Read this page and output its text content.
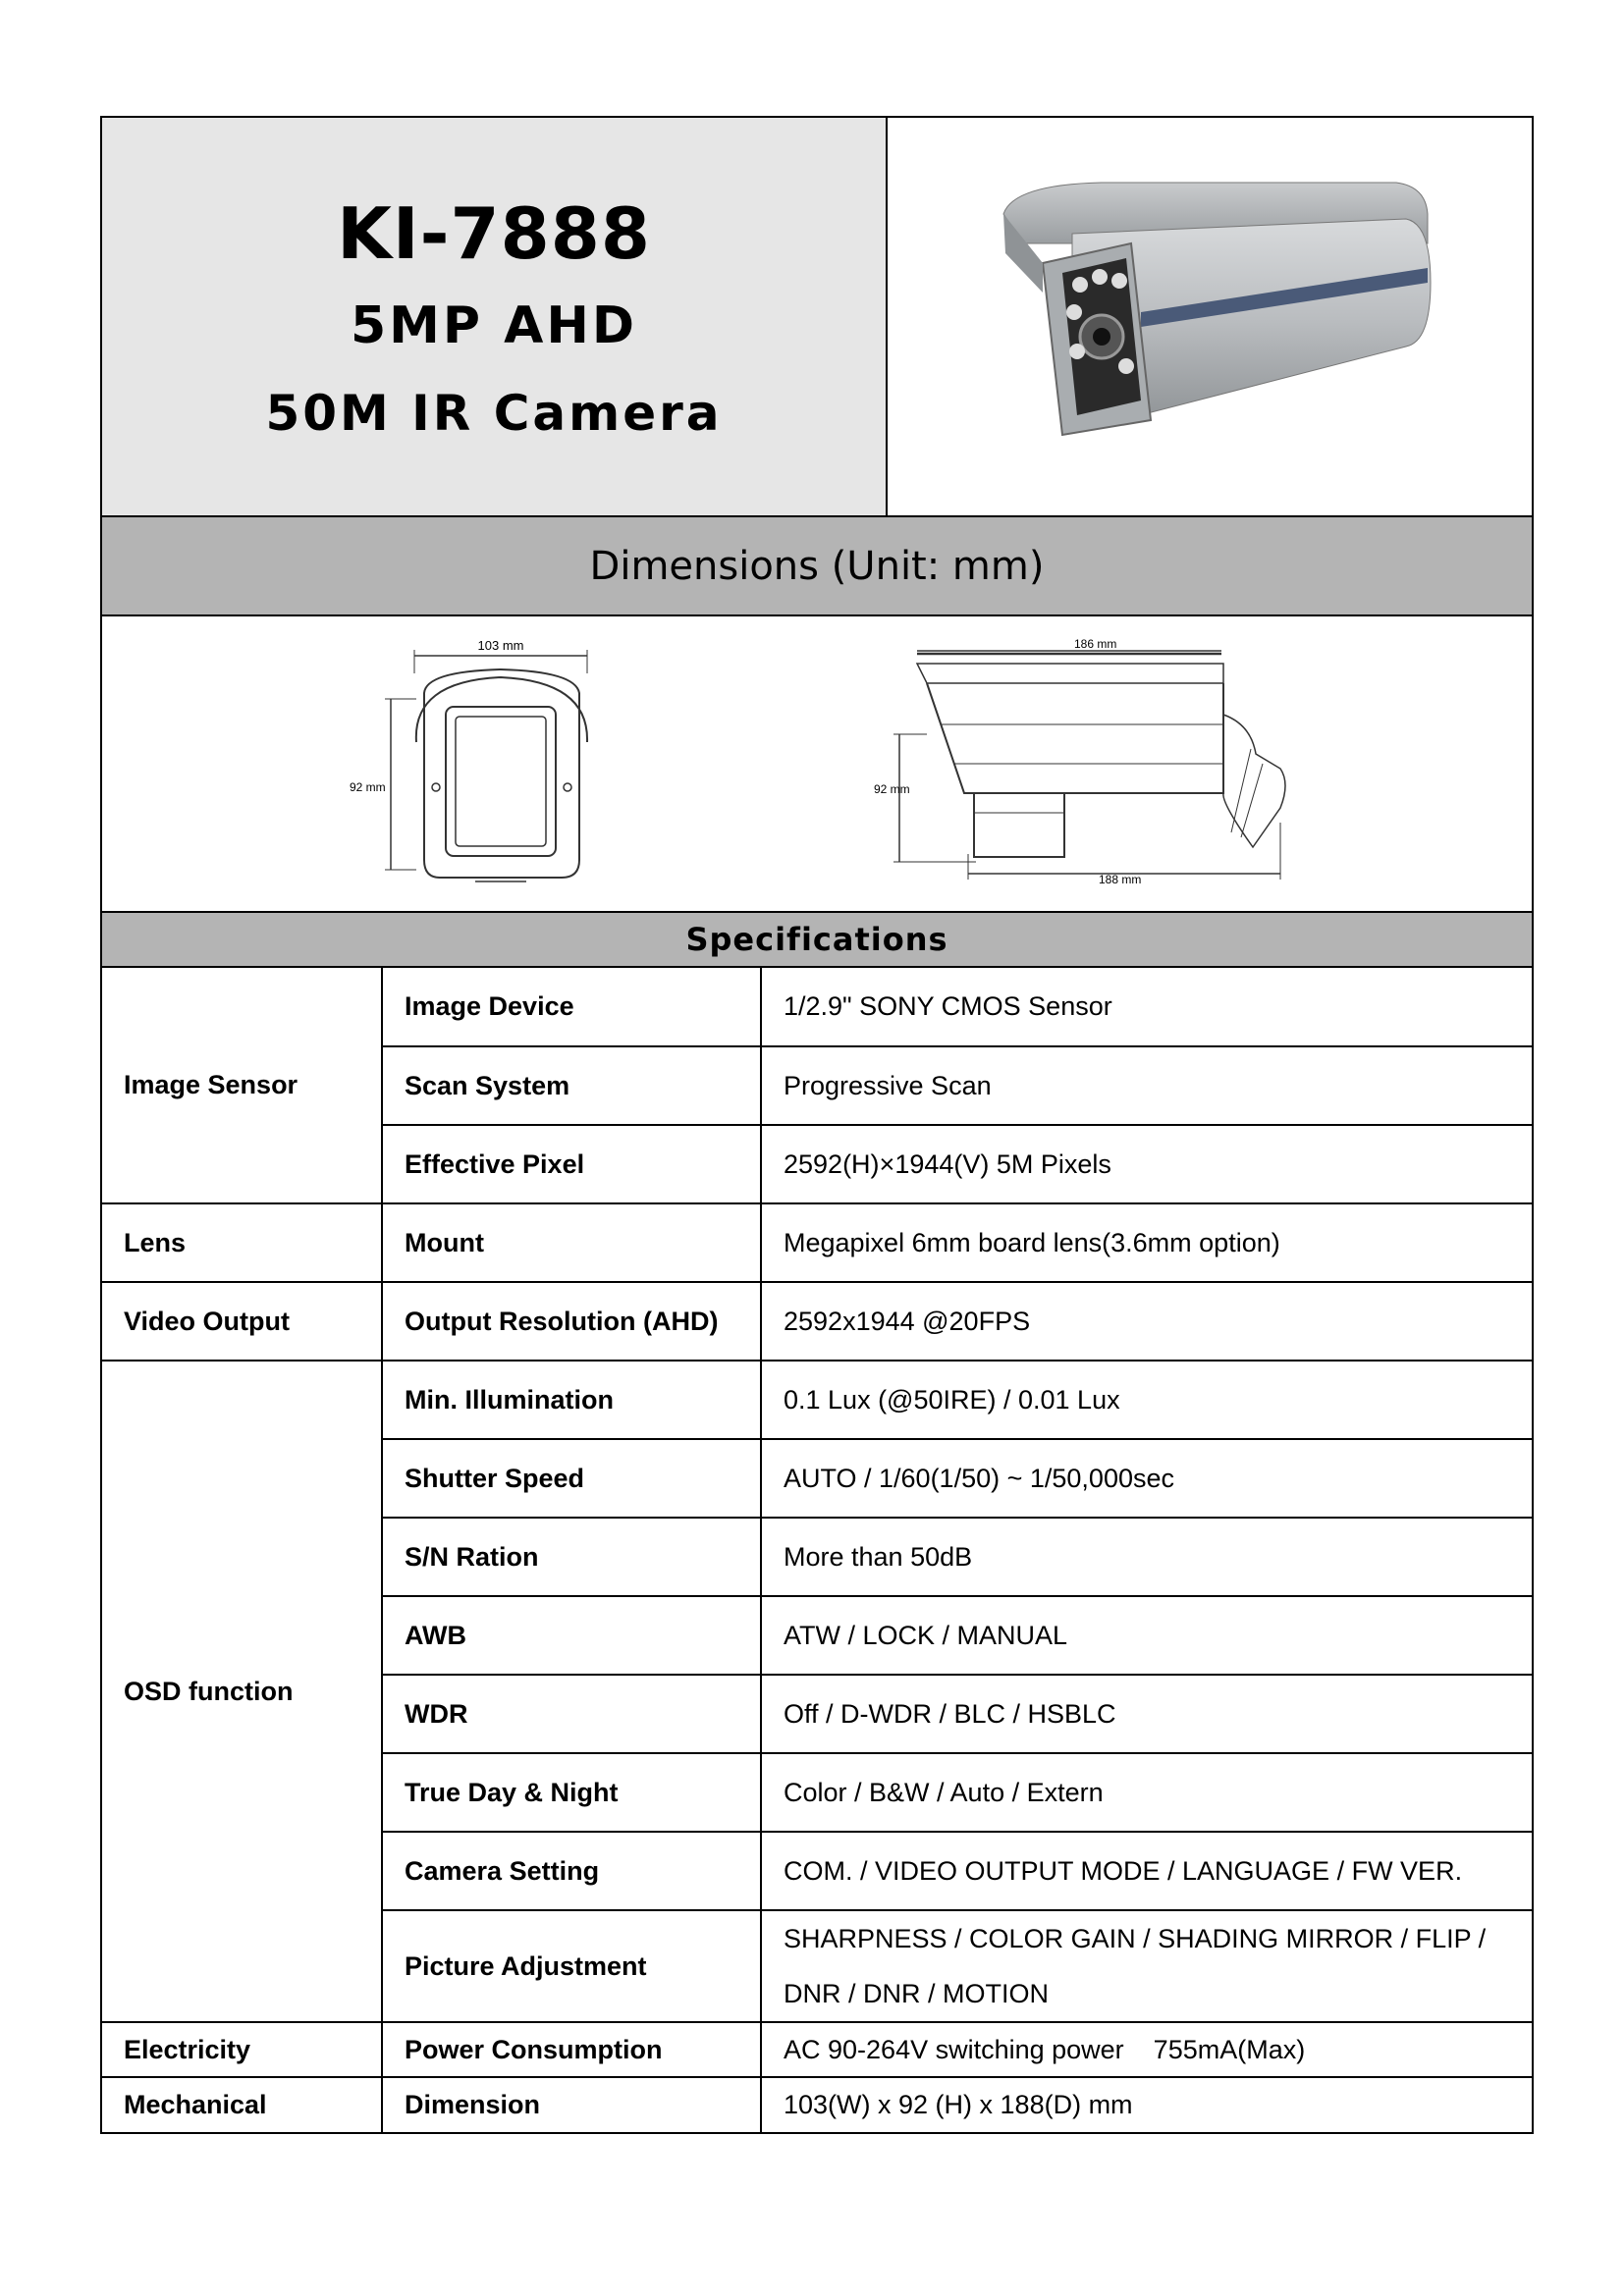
KI-7888
5MP AHD
50M IR Camera
Dimensions (Unit: mm)
103 mm
92 mm
186 mm
92 mm
188 mm
Specifications
Image Sensor	Image Device	1/2.9" SONY CMOS Sensor
	Scan System	Progressive Scan
	Effective Pixel	2592(H)×1944(V) 5M Pixels
Lens	Mount	Megapixel 6mm board lens(3.6mm option)
Video Output	Output Resolution (AHD)	2592x1944 @20FPS
OSD function	Min. Illumination	0.1 Lux (@50IRE) / 0.01 Lux
	Shutter Speed	AUTO / 1/60(1/50) ~ 1/50,000sec
	S/N Ration	More than 50dB
	AWB	ATW / LOCK / MANUAL
	WDR	Off / D-WDR / BLC / HSBLC
	True Day & Night	Color / B&W / Auto / Extern
	Camera Setting	COM. / VIDEO OUTPUT MODE / LANGUAGE / FW VER.
	Picture Adjustment	SHARPNESS / COLOR GAIN / SHADING MIRROR / FLIP /
DNR / DNR / MOTION
Electricity	Power Consumption	AC 90-264V switching power    755mA(Max)
Mechanical	Dimension	103(W) x 92 (H) x 188(D) mm
